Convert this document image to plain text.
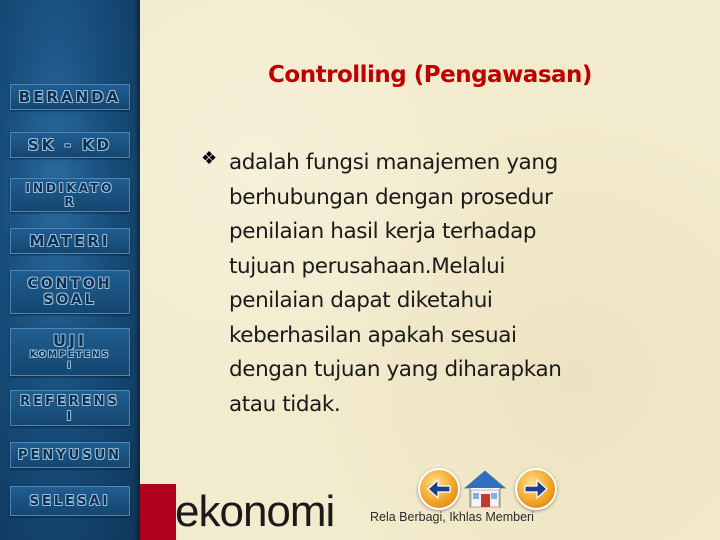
BERANDA
SK - KD
INDIKATO
R
MATERI
CONTOH
SOAL
UJI
KOMPETENS
I
REFERENS
I
PENYUSUN
SELESAI
Controlling (Pengawasan)
❖ adalah fungsi manajemen yang berhubungan dengan prosedur penilaian hasil kerja terhadap tujuan perusahaan.Melalui penilaian dapat diketahui keberhasilan apakah sesuai dengan tujuan yang diharapkan atau tidak.
ekonomi	Rela Berbagi, Ikhlas Memberi
